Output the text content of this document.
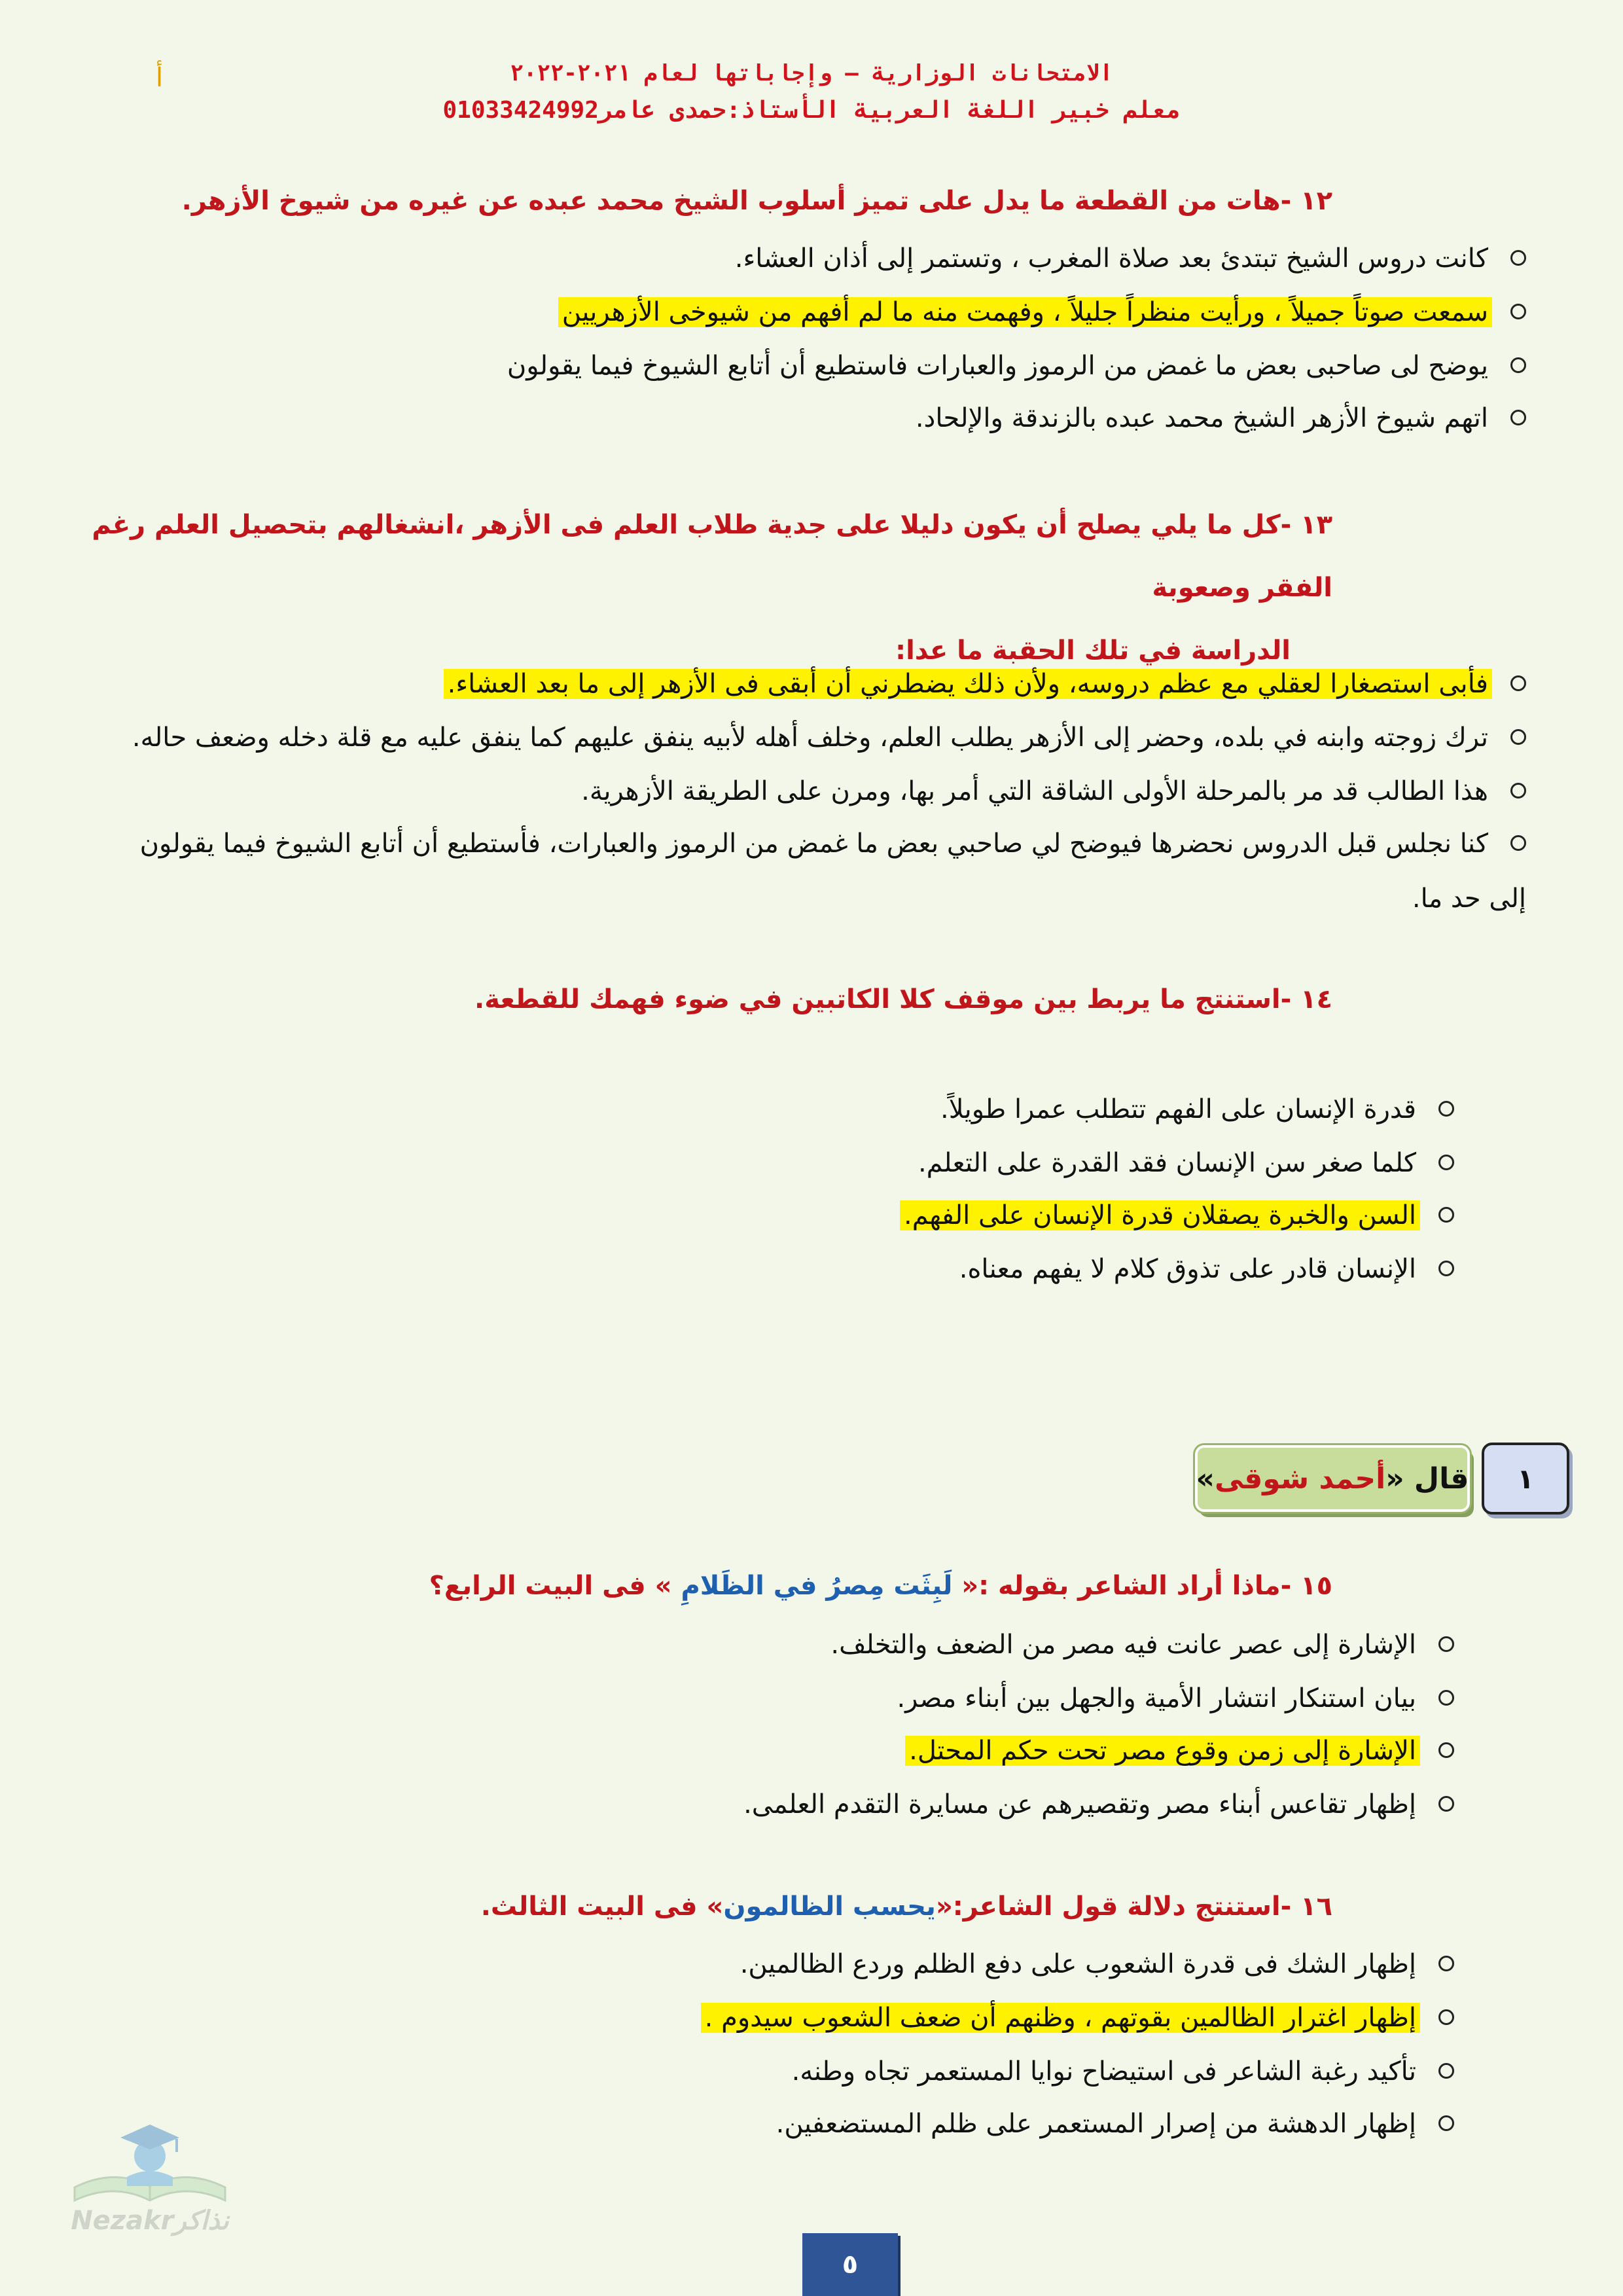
الامتحانات الوزارية – وإجاباتها لعام ٢٠٢١-٢٠٢٢
معلم خبير اللغة العربية الأستاذ:حمدى عامر01033424992
أ
١٢ -هات من القطعة ما يدل على تميز أسلوب الشيخ محمد عبده عن غيره من شيوخ الأزهر.
كانت دروس الشيخ تبتدئ بعد صلاة المغرب ، وتستمر إلى أذان العشاء.
سمعت صوتاً جميلاً ، ورأيت منظراً جليلاً ، وفهمت منه ما لم أفهم من شيوخى الأزهريين
يوضح لى صاحبى بعض ما غمض من الرموز والعبارات فاستطيع أن أتابع الشيوخ فيما يقولون
اتهم شيوخ الأزهر الشيخ محمد عبده بالزندقة والإلحاد.
١٣ -كل ما يلي يصلح أن يكون دليلا على جدية طلاب العلم فى الأزهر ،انشغالهم بتحصيل العلم رغم الفقر وصعوبة
الدراسة في تلك الحقبة ما عدا:
فأبى استصغارا لعقلي مع عظم دروسه، ولأن ذلك يضطرني أن أبقى فى الأزهر إلى ما بعد العشاء.
ترك زوجته وابنه في بلده، وحضر إلى الأزهر يطلب العلم، وخلف أهله لأبيه ينفق عليهم كما ينفق عليه مع قلة دخله وضعف حاله.
هذا الطالب قد مر بالمرحلة الأولى الشاقة التي أمر بها، ومرن على الطريقة الأزهرية.
كنا نجلس قبل الدروس نحضرها فيوضح لي صاحبي بعض ما غمض من الرموز والعبارات، فأستطيع أن أتابع الشيوخ فيما يقولون
إلى حد ما.
١٤ -استنتج ما يربط بين موقف كلا الكاتبين في ضوء فهمك للقطعة.
قدرة الإنسان على الفهم تتطلب عمرا طويلاً.
كلما صغر سن الإنسان فقد القدرة على التعلم.
السن والخبرة يصقلان قدرة الإنسان على الفهم.
الإنسان قادر على تذوق كلام لا يفهم معناه.
١
قال «
أحمد شوقى
»
١٥ -ماذا أراد الشاعر بقوله :« لَبِثَت مِصرُ في الظَلامِ » فى البيت الرابع؟
الإشارة إلى عصر عانت فيه مصر من الضعف والتخلف.
بيان استنكار انتشار الأمية والجهل بين أبناء مصر.
الإشارة إلى زمن وقوع مصر تحت حكم المحتل.
إظهار تقاعس أبناء مصر وتقصيرهم عن مسايرة التقدم العلمى.
١٦ -استنتج دلالة قول الشاعر:«يحسب الظالمون» فى البيت الثالث.
إظهار الشك فى قدرة الشعوب على دفع الظلم وردع الظالمين.
إظهار اغترار الظالمين بقوتهم ، وظنهم أن ضعف الشعوب سيدوم .
تأكيد رغبة الشاعر فى استيضاح نوايا المستعمر تجاه وطنه.
إظهار الدهشة من إصرار المستعمر على ظلم المستضعفين.
Nezakrنذاكر
٥
